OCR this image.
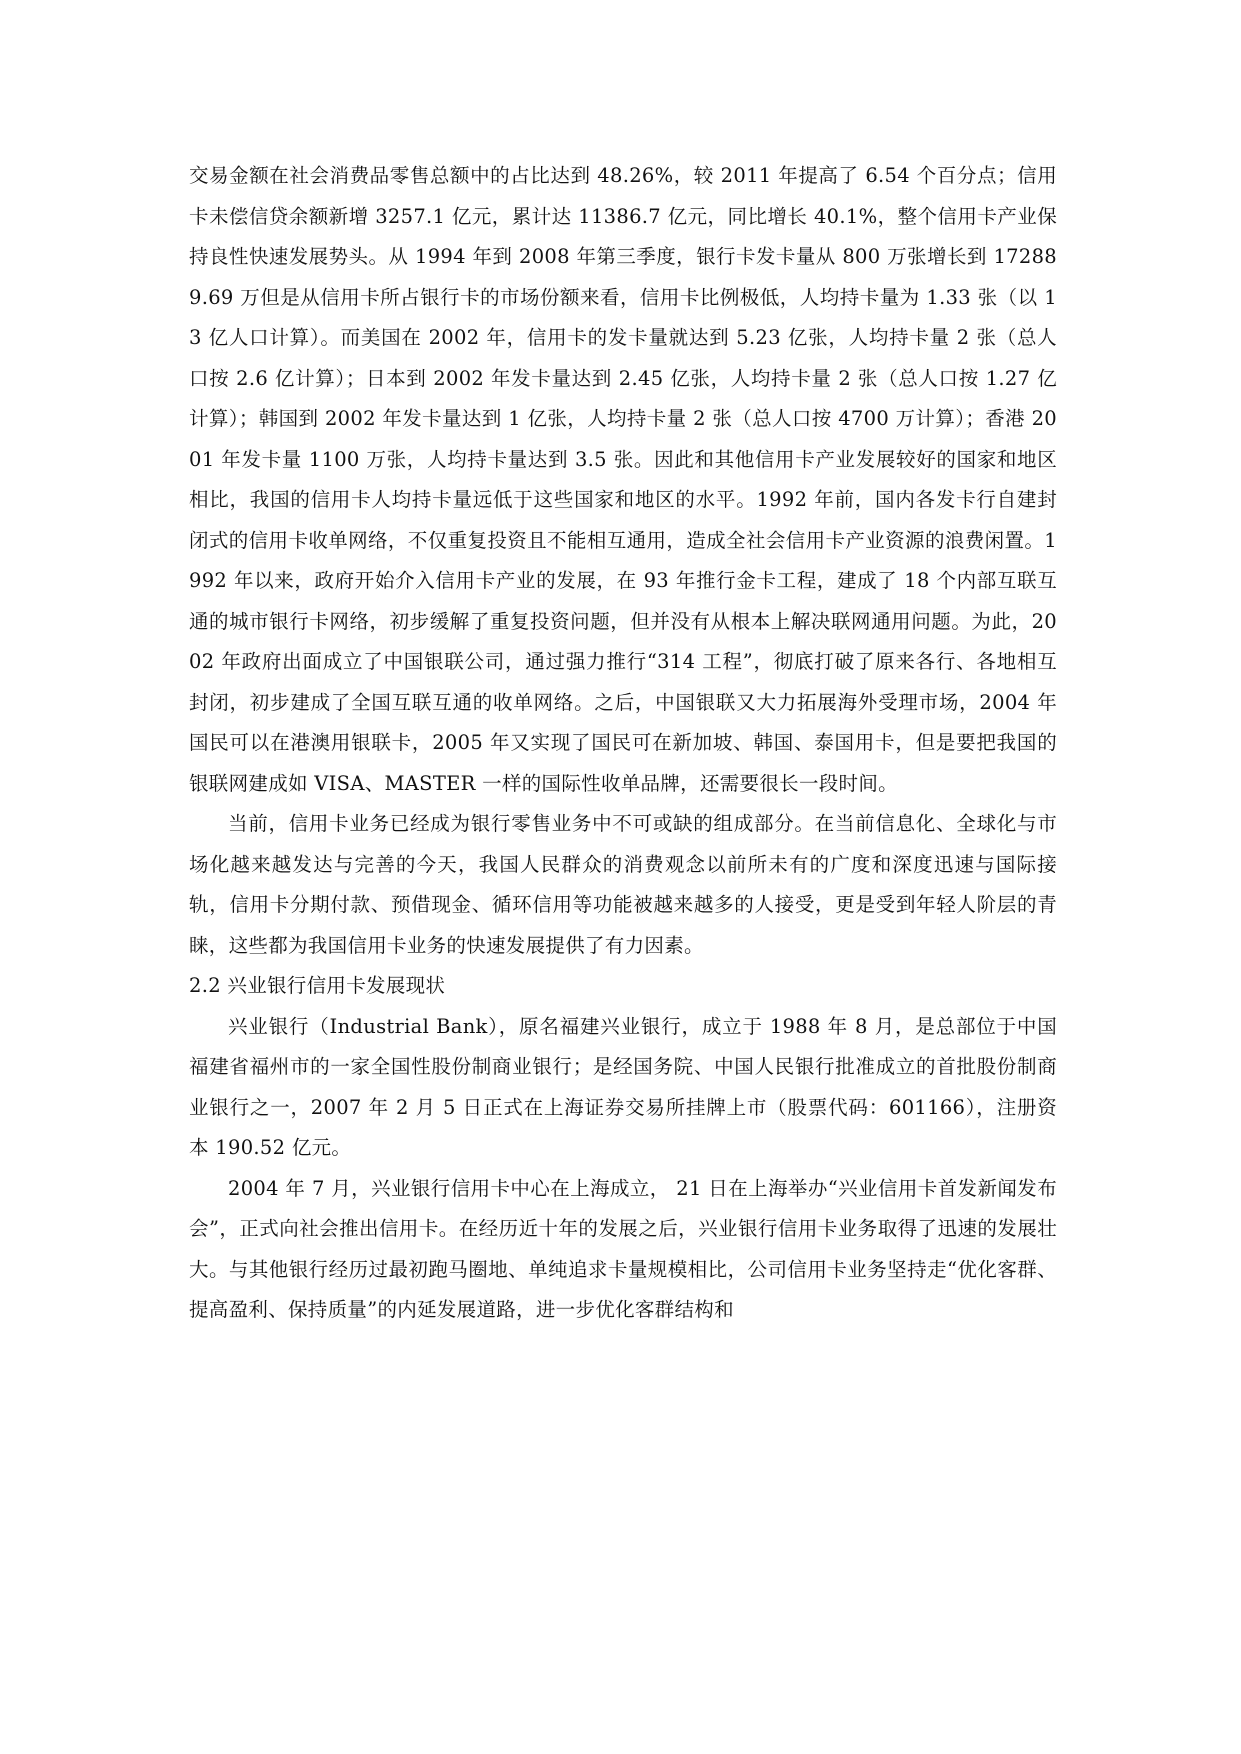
交易金额在社会消费品零售总额中的占比达到 48.26%，较 2011 年提高了 6.54 个百分点；信用卡未偿信贷余额新增 3257.1 亿元，累计达 11386.7 亿元，同比增长 40.1%，整个信用卡产业保持良性快速发展势头。从 1994 年到 2008 年第三季度，银行卡发卡量从 800 万张增长到 172889.69 万但是从信用卡所占银行卡的市场份额来看，信用卡比例极低，人均持卡量为 1.33 张（以 13 亿人口计算）。而美国在 2002 年，信用卡的发卡量就达到 5.23 亿张，人均持卡量 2 张（总人口按 2.6 亿计算）；日本到 2002 年发卡量达到 2.45 亿张，人均持卡量 2 张（总人口按 1.27 亿计算）；韩国到 2002 年发卡量达到 1 亿张，人均持卡量 2 张（总人口按 4700 万计算）；香港 2001 年发卡量 1100 万张，人均持卡量达到 3.5 张。因此和其他信用卡产业发展较好的国家和地区相比，我国的信用卡人均持卡量远低于这些国家和地区的水平。1992 年前，国内各发卡行自建封闭式的信用卡收单网络，不仅重复投资且不能相互通用，造成全社会信用卡产业资源的浪费闲置。1992 年以来，政府开始介入信用卡产业的发展，在 93 年推行金卡工程，建成了 18 个内部互联互通的城市银行卡网络，初步缓解了重复投资问题，但并没有从根本上解决联网通用问题。为此，2002 年政府出面成立了中国银联公司，通过强力推行“314 工程”，彻底打破了原来各行、各地相互封闭，初步建成了全国互联互通的收单网络。之后，中国银联又大力拓展海外受理市场，2004 年国民可以在港澳用银联卡，2005 年又实现了国民可在新加坡、韩国、泰国用卡，但是要把我国的银联网建成如 VISA、MASTER 一样的国际性收单品牌，还需要很长一段时间。

当前，信用卡业务已经成为银行零售业务中不可或缺的组成部分。在当前信息化、全球化与市场化越来越发达与完善的今天，我国人民群众的消费观念以前所未有的广度和深度迅速与国际接轨，信用卡分期付款、预借现金、循环信用等功能被越来越多的人接受，更是受到年轻人阶层的青睐，这些都为我国信用卡业务的快速发展提供了有力因素。

2.2 兴业银行信用卡发展现状

兴业银行（Industrial Bank），原名福建兴业银行，成立于 1988 年 8 月，是总部位于中国福建省福州市的一家全国性股份制商业银行；是经国务院、中国人民银行批准成立的首批股份制商业银行之一，2007 年 2 月 5 日正式在上海证券交易所挂牌上市（股票代码：601166），注册资本 190.52 亿元。

2004 年 7 月，兴业银行信用卡中心在上海成立， 21 日在上海举办“兴业信用卡首发新闻发布会”，正式向社会推出信用卡。在经历近十年的发展之后，兴业银行信用卡业务取得了迅速的发展壮大。与其他银行经历过最初跑马圈地、单纯追求卡量规模相比，公司信用卡业务坚持走“优化客群、提高盈利、保持质量”的内延发展道路，进一步优化客群结构和
